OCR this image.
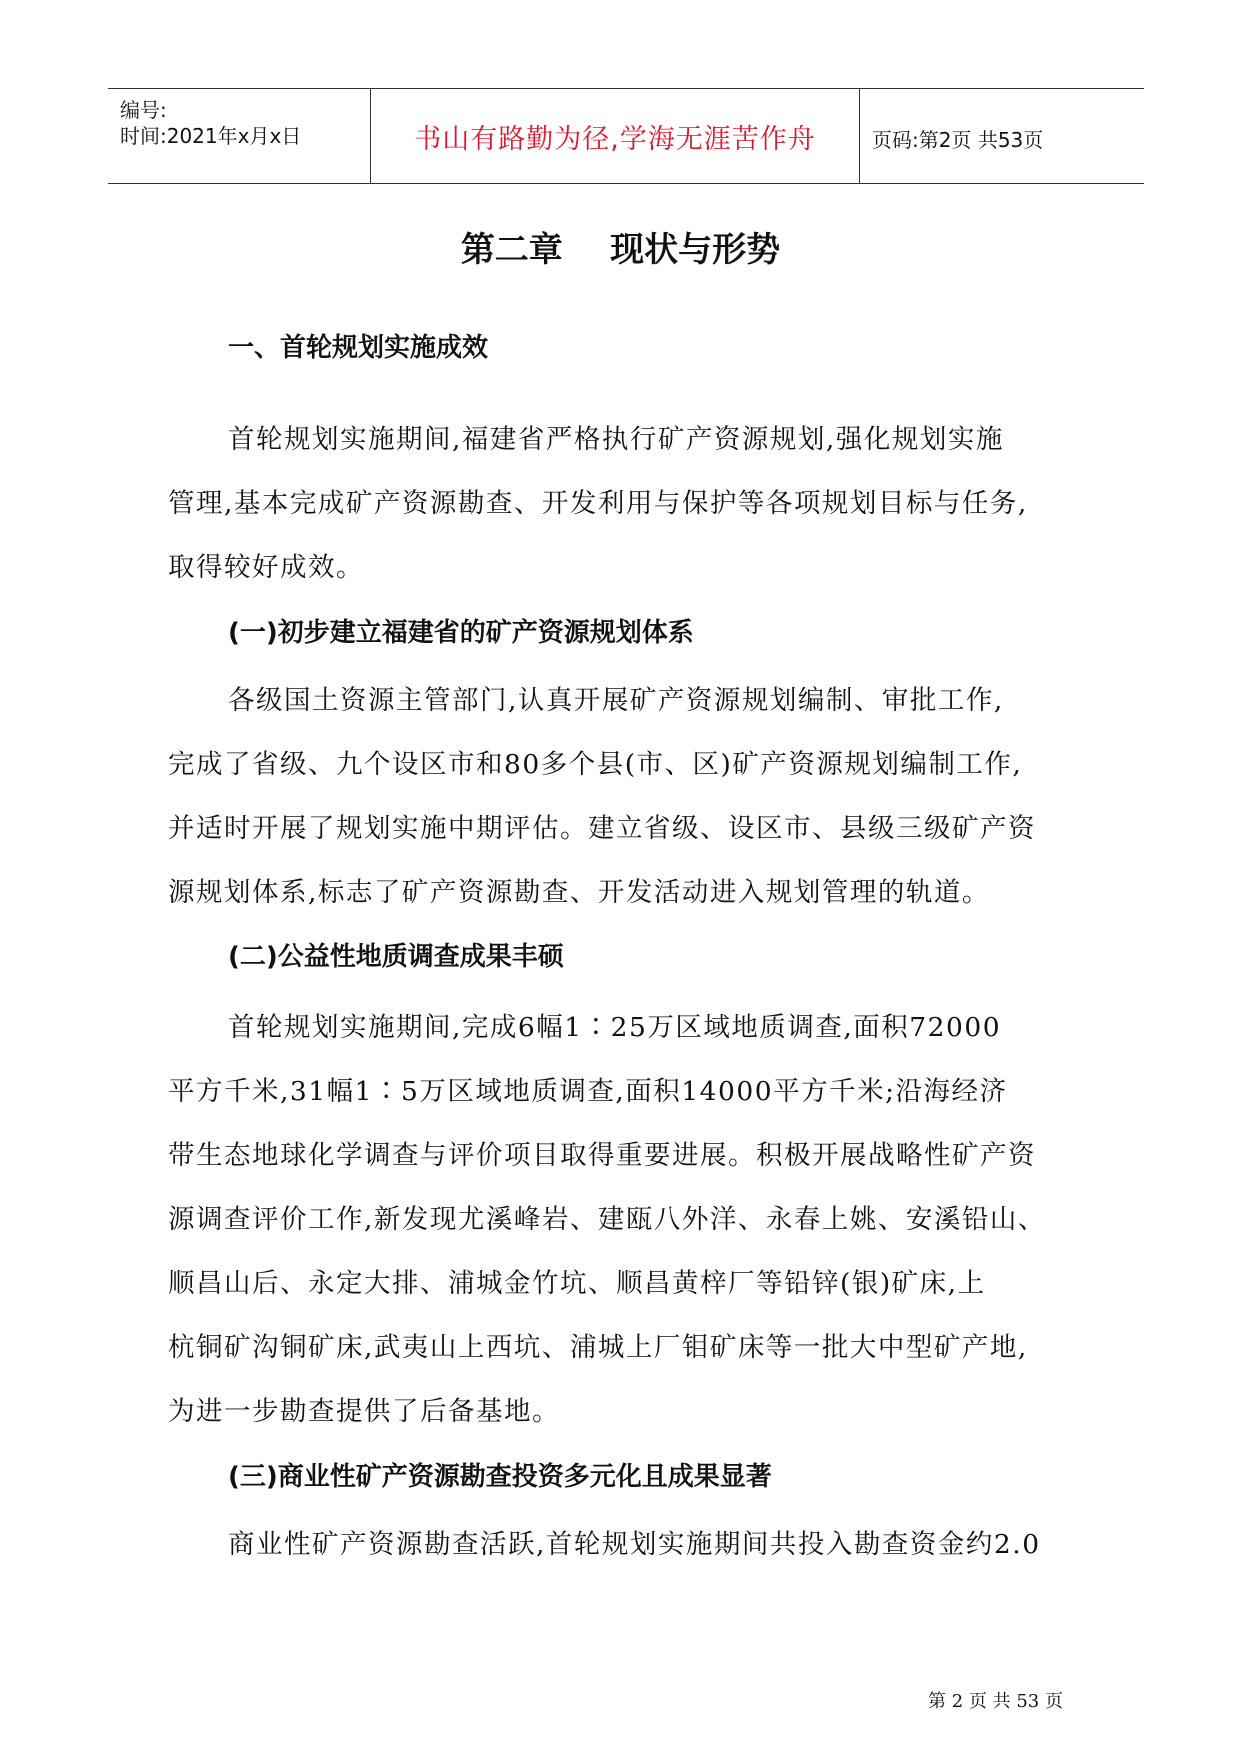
编号:
时间:2021年x月x日	书山有路勤为径,学海无涯苦作舟	页码:第2页 共53页
第二章    现状与形势
一、首轮规划实施成效
首轮规划实施期间,福建省严格执行矿产资源规划,强化规划实施
管理,基本完成矿产资源勘查、开发利用与保护等各项规划目标与任务,
取得较好成效。
(一)初步建立福建省的矿产资源规划体系
各级国土资源主管部门,认真开展矿产资源规划编制、审批工作,
完成了省级、九个设区市和80多个县(市、区)矿产资源规划编制工作,
并适时开展了规划实施中期评估。建立省级、设区市、县级三级矿产资
源规划体系,标志了矿产资源勘查、开发活动进入规划管理的轨道。
(二)公益性地质调查成果丰硕
首轮规划实施期间,完成6幅1∶25万区域地质调查,面积72000
平方千米,31幅1∶5万区域地质调查,面积14000平方千米;沿海经济
带生态地球化学调查与评价项目取得重要进展。积极开展战略性矿产资
源调查评价工作,新发现尤溪峰岩、建瓯八外洋、永春上姚、安溪铅山、
顺昌山后、永定大排、浦城金竹坑、顺昌黄梓厂等铅锌(银)矿床,上
杭铜矿沟铜矿床,武夷山上西坑、浦城上厂钼矿床等一批大中型矿产地,
为进一步勘查提供了后备基地。
(三)商业性矿产资源勘查投资多元化且成果显著
商业性矿产资源勘查活跃,首轮规划实施期间共投入勘查资金约2.0
第 2 页 共 53 页
